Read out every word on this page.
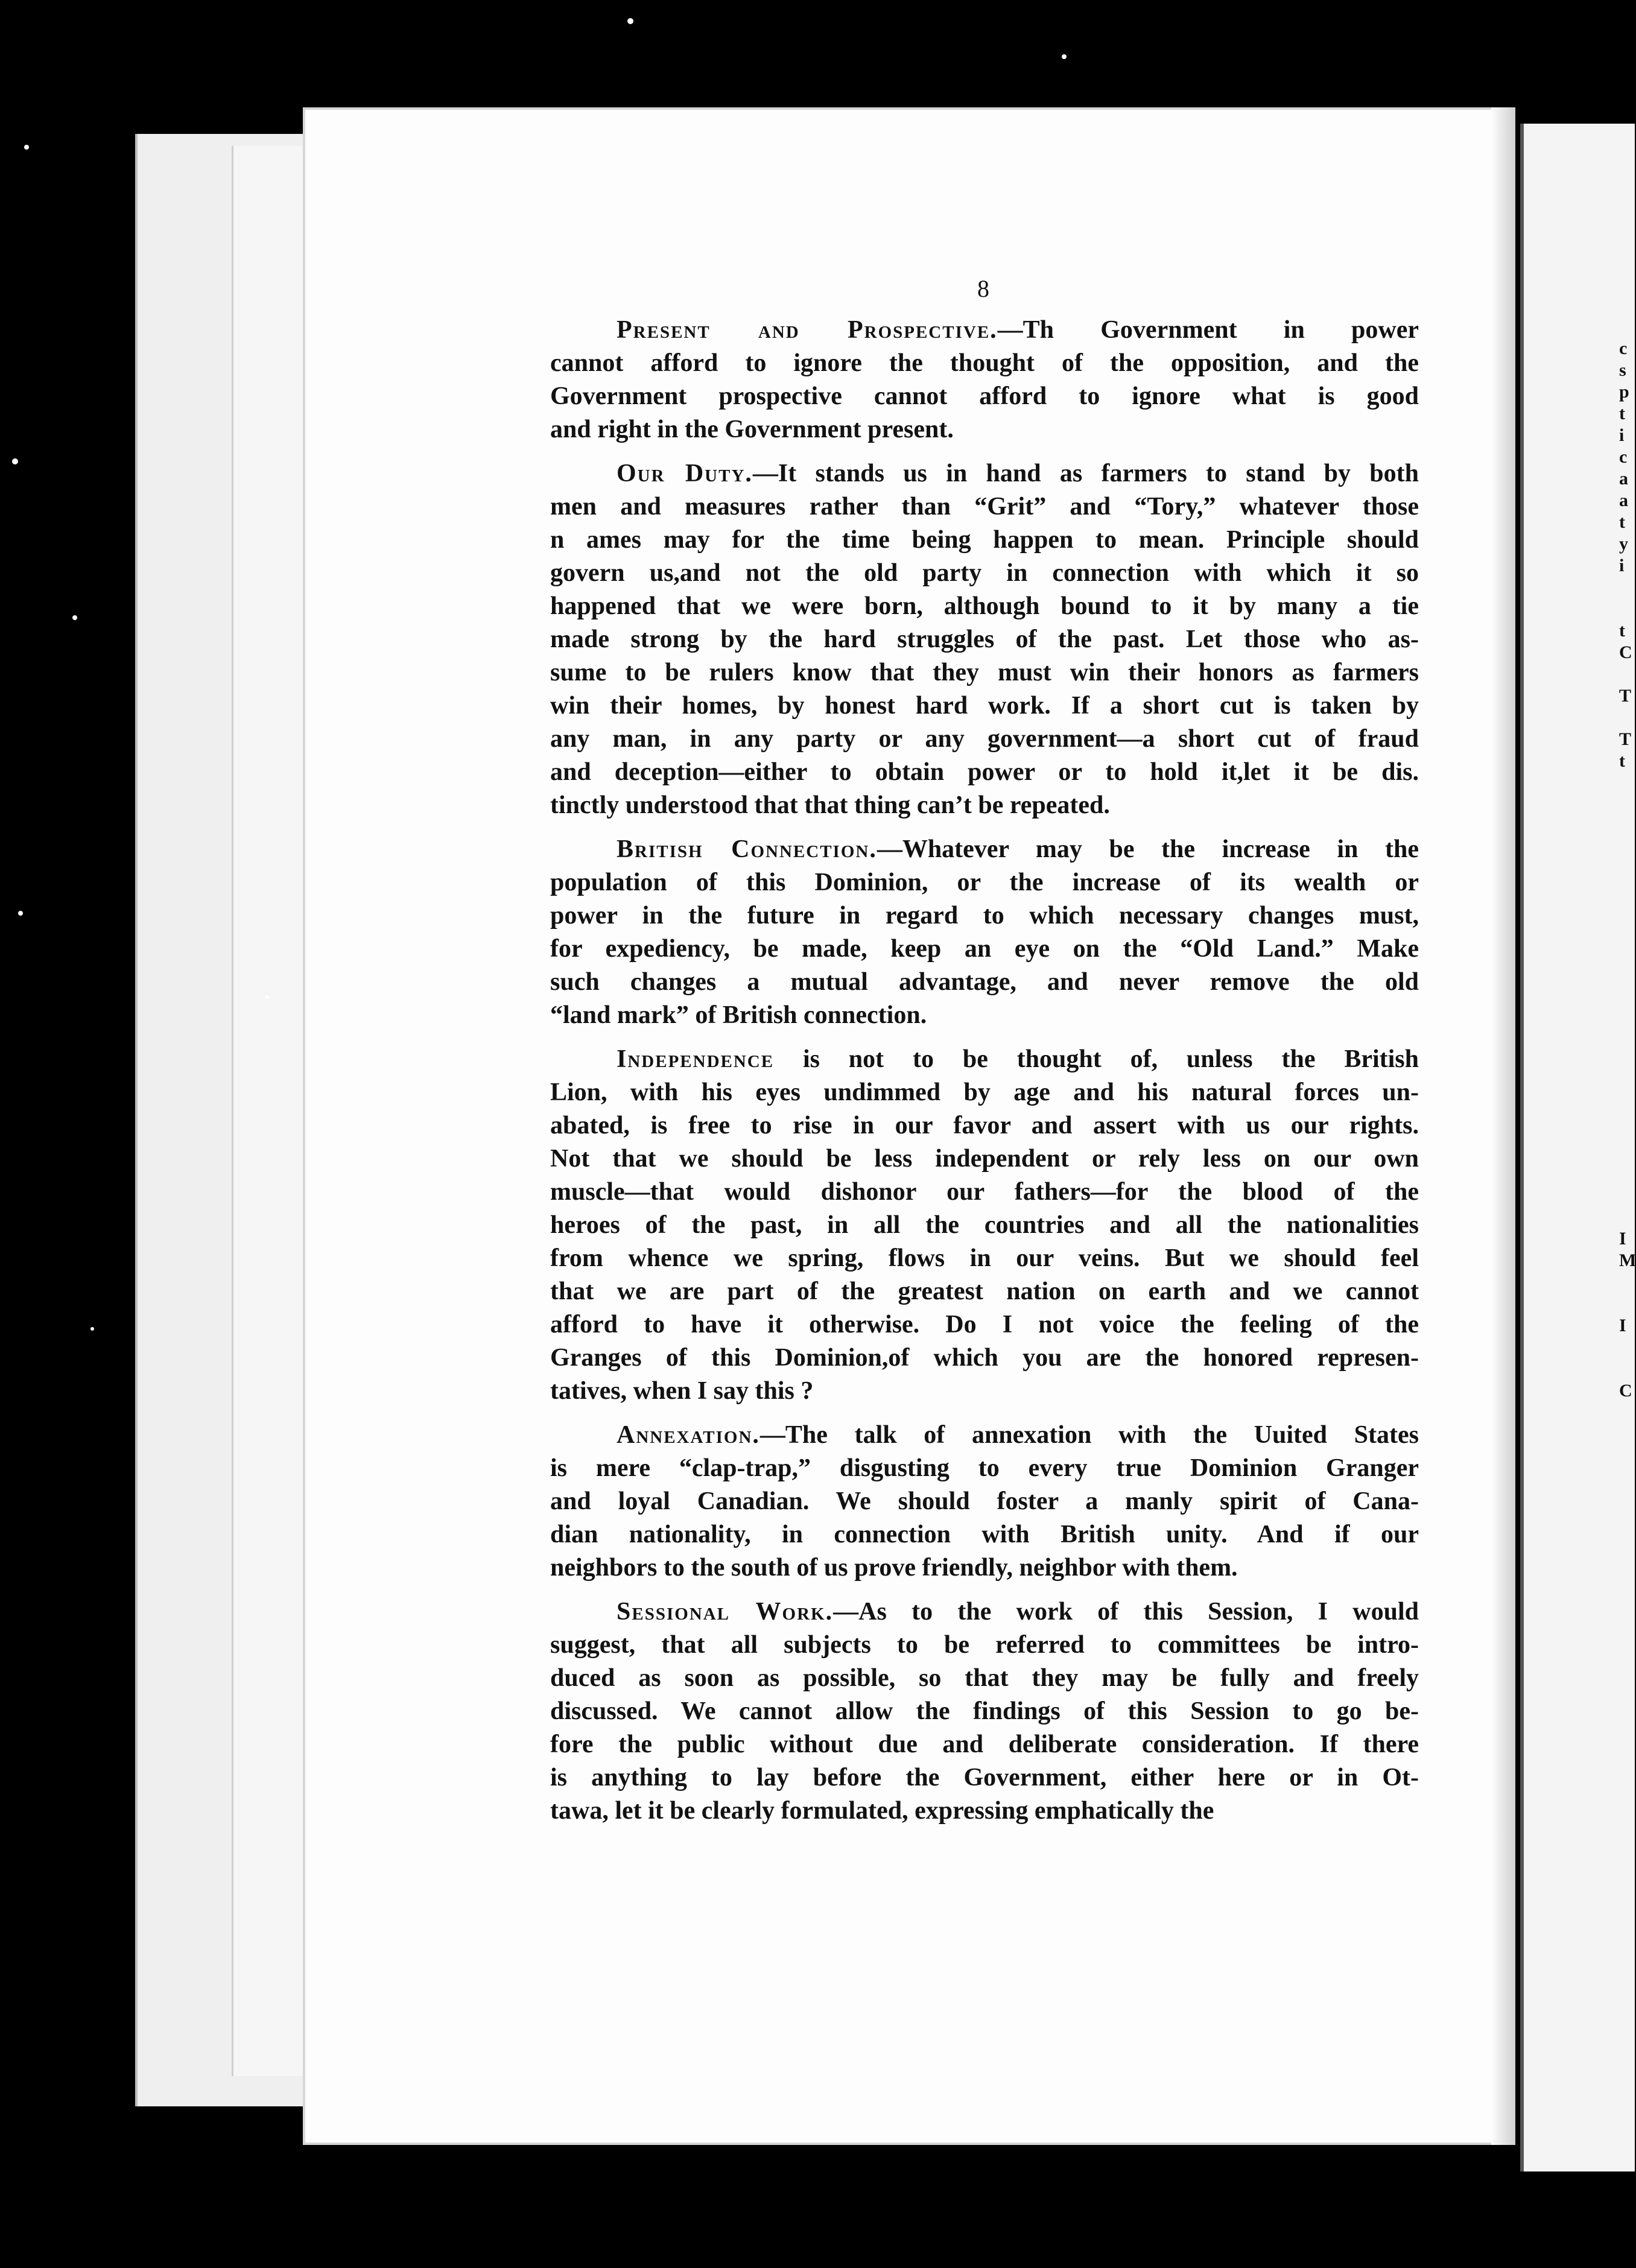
c
s
p
t
i
c
a
a
t
y
i
t
C
T
T
t
I
M
I
C
8
Present and Prospective.—Th Government in power
cannot afford to ignore the thought of the opposition, and the
Government prospective cannot afford to ignore what is good
and right in the Government present.
Our Duty.—It stands us in hand as farmers to stand by both
men and measures rather than “Grit” and “Tory,” whatever those
n ames may for the time being happen to mean. Principle should
govern us,and not the old party in connection with which it so
happened that we were born, although bound to it by many a tie
made strong by the hard struggles of the past. Let those who as-
sume to be rulers know that they must win their honors as farmers
win their homes, by honest hard work. If a short cut is taken by
any man, in any party or any government—a short cut of fraud
and deception—either to obtain power or to hold it,let it be dis.
tinctly understood that that thing can’t be repeated.
British Connection.—Whatever may be the increase in the
population of this Dominion, or the increase of its wealth or
power in the future in regard to which necessary changes must,
for expediency, be made, keep an eye on the “Old Land.” Make
such changes a mutual advantage, and never remove the old
“land mark” of British connection.
Independence is not to be thought of, unless the British
Lion, with his eyes undimmed by age and his natural forces un-
abated, is free to rise in our favor and assert with us our rights.
Not that we should be less independent or rely less on our own
muscle—that would dishonor our fathers—for the blood of the
heroes of the past, in all the countries and all the nationalities
from whence we spring, flows in our veins. But we should feel
that we are part of the greatest nation on earth and we cannot
afford to have it otherwise. Do I not voice the feeling of the
Granges of this Dominion,of which you are the honored represen-
tatives, when I say this ?
Annexation.—The talk of annexation with the Uuited States
is mere “clap-trap,” disgusting to every true Dominion Granger
and loyal Canadian. We should foster a manly spirit of Cana-
dian nationality, in connection with British unity. And if our
neighbors to the south of us prove friendly, neighbor with them.
Sessional Work.—As to the work of this Session, I would
suggest, that all subjects to be referred to committees be intro-
duced as soon as possible, so that they may be fully and freely
discussed. We cannot allow the findings of this Session to go be-
fore the public without due and deliberate consideration. If there
is anything to lay before the Government, either here or in Ot-
tawa, let it be clearly formulated, expressing emphatically the
